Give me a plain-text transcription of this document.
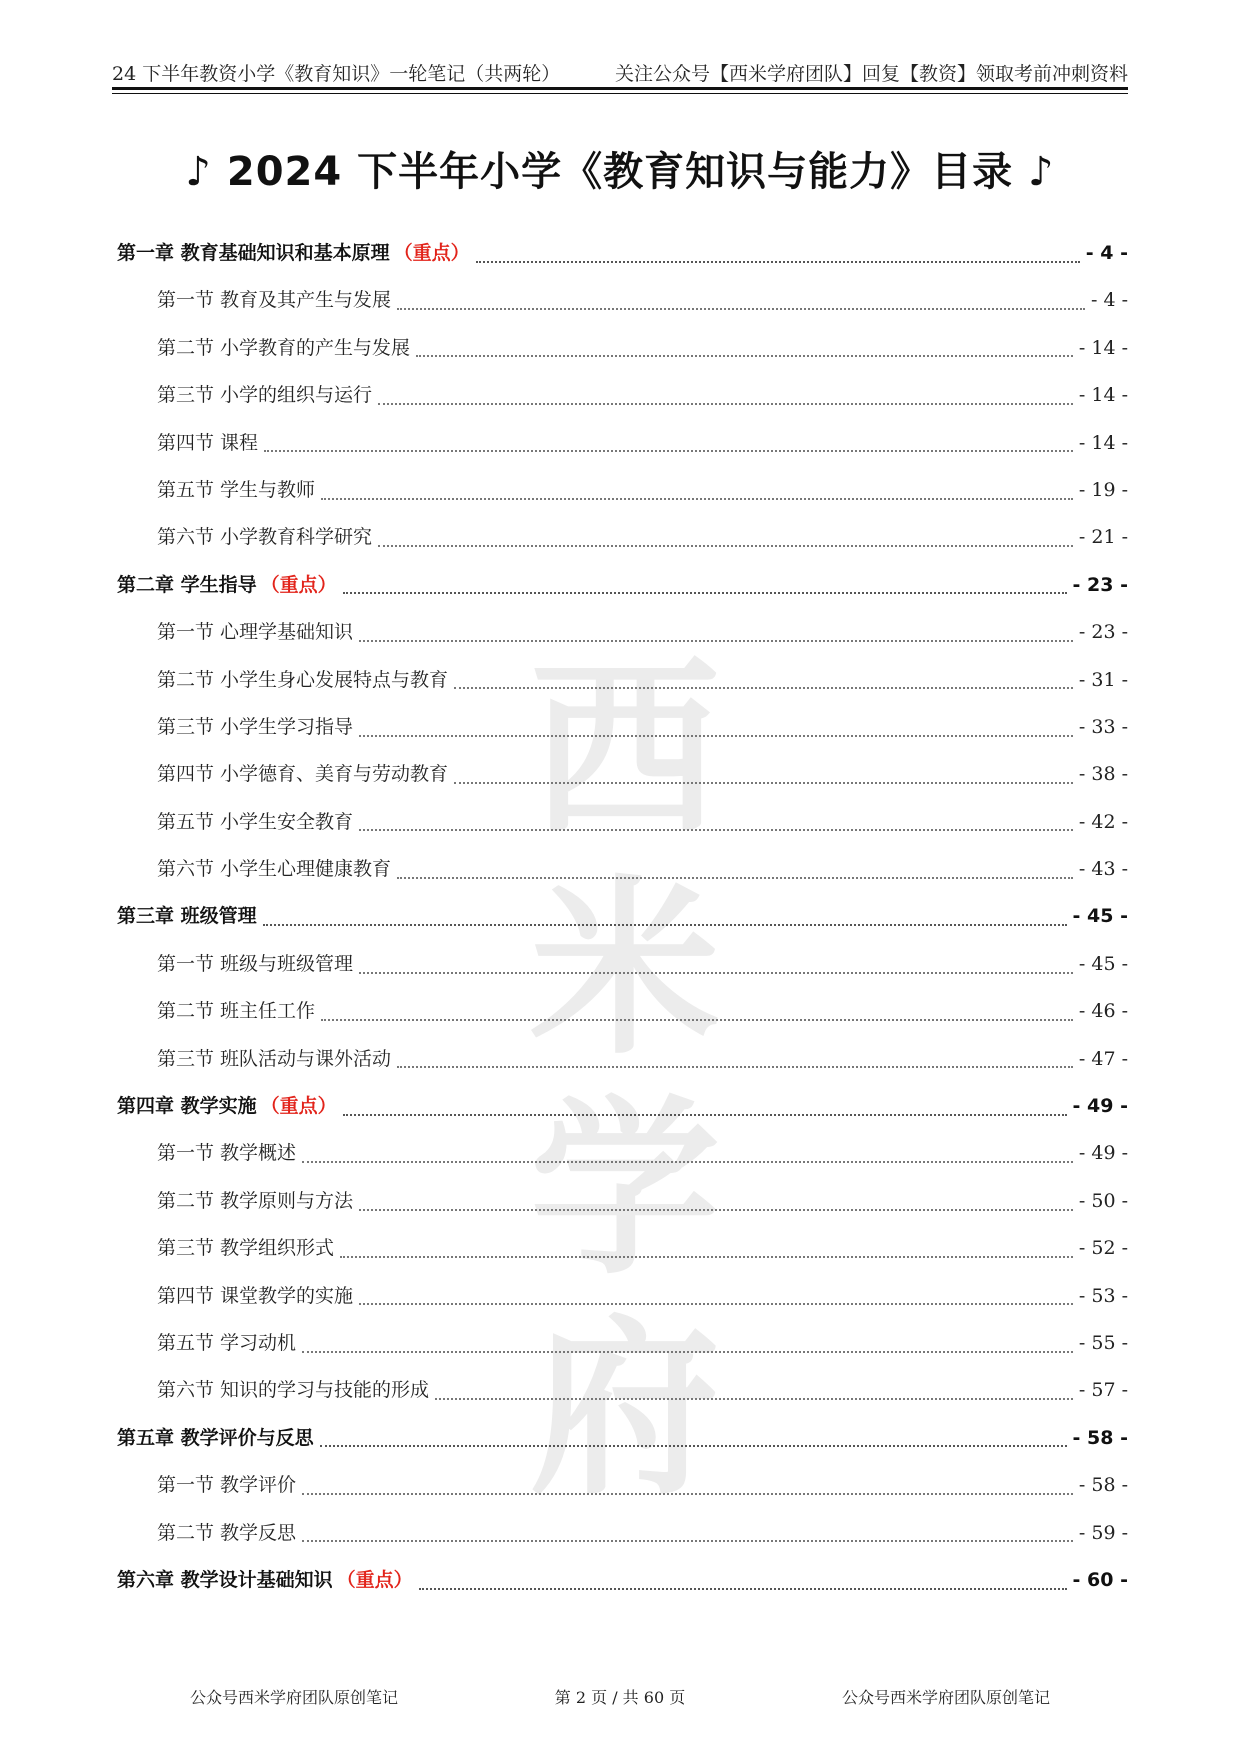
24 下半年教资小学《教育知识》一轮笔记（共两轮）	关注公众号【西米学府团队】回复【教资】领取考前冲刺资料
♪ 2024 下半年小学《教育知识与能力》目录 ♪
西米学府
第一章 教育基础知识和基本原理 （重点）	- 4 -
第一节 教育及其产生与发展	- 4 -
第二节 小学教育的产生与发展	- 14 -
第三节 小学的组织与运行	- 14 -
第四节 课程	- 14 -
第五节 学生与教师	- 19 -
第六节 小学教育科学研究	- 21 -
第二章 学生指导 （重点）	- 23 -
第一节 心理学基础知识	- 23 -
第二节 小学生身心发展特点与教育	- 31 -
第三节 小学生学习指导	- 33 -
第四节 小学德育、美育与劳动教育	- 38 -
第五节 小学生安全教育	- 42 -
第六节 小学生心理健康教育	- 43 -
第三章 班级管理	- 45 -
第一节 班级与班级管理	- 45 -
第二节 班主任工作	- 46 -
第三节 班队活动与课外活动	- 47 -
第四章 教学实施 （重点）	- 49 -
第一节 教学概述	- 49 -
第二节 教学原则与方法	- 50 -
第三节 教学组织形式	- 52 -
第四节 课堂教学的实施	- 53 -
第五节 学习动机	- 55 -
第六节 知识的学习与技能的形成	- 57 -
第五章 教学评价与反思	- 58 -
第一节 教学评价	- 58 -
第二节 教学反思	- 59 -
第六章 教学设计基础知识 （重点）	- 60 -
公众号西米学府团队原创笔记	第 2 页 / 共 60 页	公众号西米学府团队原创笔记
